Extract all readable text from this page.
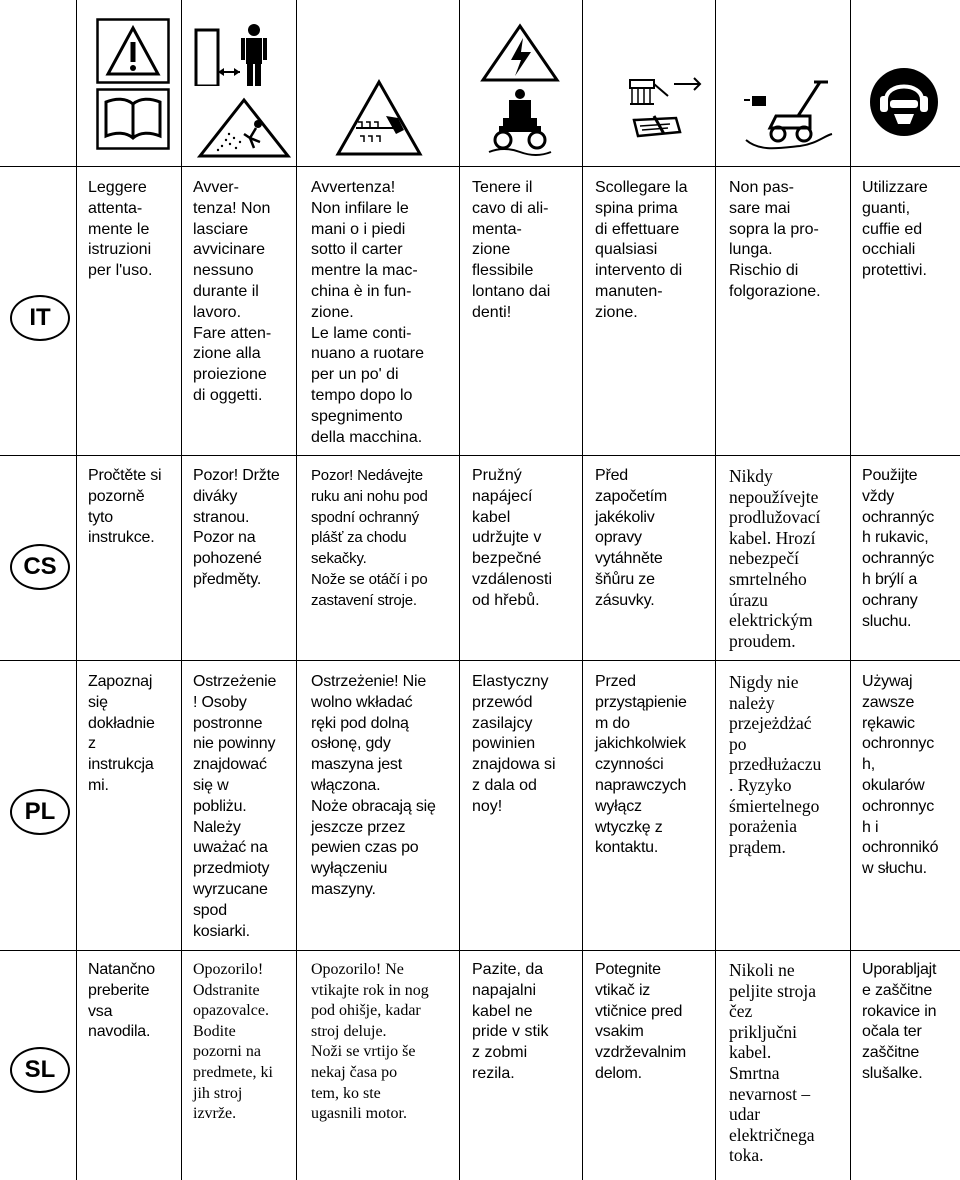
IT
CS
PL
SL
Leggere
attenta-
mente le
istruzioni
per l'uso.
Avver-
tenza! Non
lasciare
avvicinare
nessuno
durante il
lavoro.
Fare atten-
zione alla
proiezione
di oggetti.
Avvertenza!
Non infilare le
mani o i piedi
sotto il carter
mentre la mac-
china è in fun-
zione.
Le lame conti-
nuano a ruotare
per un po' di
tempo dopo lo
spegnimento
della macchina.
Tenere il
cavo di ali-
menta-
zione
flessibile
lontano dai
denti!
Scollegare la
spina prima
di effettuare
qualsiasi
intervento di
manuten-
zione.
Non pas-
sare mai
sopra la pro-
lunga.
Rischio di
folgorazione.
Utilizzare
guanti,
cuffie ed
occhiali
protettivi.
Pročtěte si
pozorně
tyto
instrukce.
Pozor! Držte
diváky
stranou.
Pozor na
pohozené
předměty.
Pozor! Nedávejte
ruku ani nohu pod
spodní ochranný
plášť za chodu
sekačky.
Nože se otáčí i po
zastavení stroje.
Pružný
napájecí
kabel
udržujte v
bezpečné
vzdálenosti
od hřebů.
Před
započetím
jakékoliv
opravy
vytáhněte
šňůru ze
zásuvky.
Nikdy
nepoužívejte
prodlužovací
kabel. Hrozí
nebezpečí
smrtelného
úrazu
elektrickým
proudem.
Použijte
vždy
ochrannýc
h rukavic,
ochrannýc
h brýlí a
ochrany
sluchu.
Zapoznaj
się
dokładnie
z
instrukcja
mi.
Ostrzeżenie
! Osoby
postronne
nie powinny
znajdować
się w
pobliżu.
Należy
uważać na
przedmioty
wyrzucane
spod
kosiarki.
Ostrzeżenie! Nie
wolno wkładać
ręki pod dolną
osłonę, gdy
maszyna jest
włączona.
Noże obracają się
jeszcze przez
pewien czas po
wyłączeniu
maszyny.
Elastyczny
przewód
zasilajcy
powinien
znajdowa si
z dala od
noy!
Przed
przystąpienie
m do
jakichkolwiek
czynności
naprawczych
wyłącz
wtyczkę z
kontaktu.
Nigdy nie
należy
przejeżdżać
po
przedłużaczu
. Ryzyko
śmiertelnego
porażenia
prądem.
Używaj
zawsze
rękawic
ochronnyc
h,
okularów
ochronnyc
h i
ochronnikó
w słuchu.
Natančno
preberite
vsa
navodila.
Opozorilo!
Odstranite
opazovalce.
Bodite
pozorni na
predmete, ki
jih stroj
izvrže.
Opozorilo! Ne
vtikajte rok in nog
pod ohišje, kadar
stroj deluje.
Noži se vrtijo še
nekaj časa po
tem, ko ste
ugasnili motor.
Pazite, da
napajalni
kabel ne
pride v stik
z zobmi
rezila.
Potegnite
vtikač iz
vtičnice pred
vsakim
vzdrževalnim
delom.
Nikoli ne
peljite stroja
čez
priključni
kabel.
Smrtna
nevarnost –
udar
električnega
toka.
Uporabljajt
e zaščitne
rokavice in
očala ter
zaščitne
slušalke.
